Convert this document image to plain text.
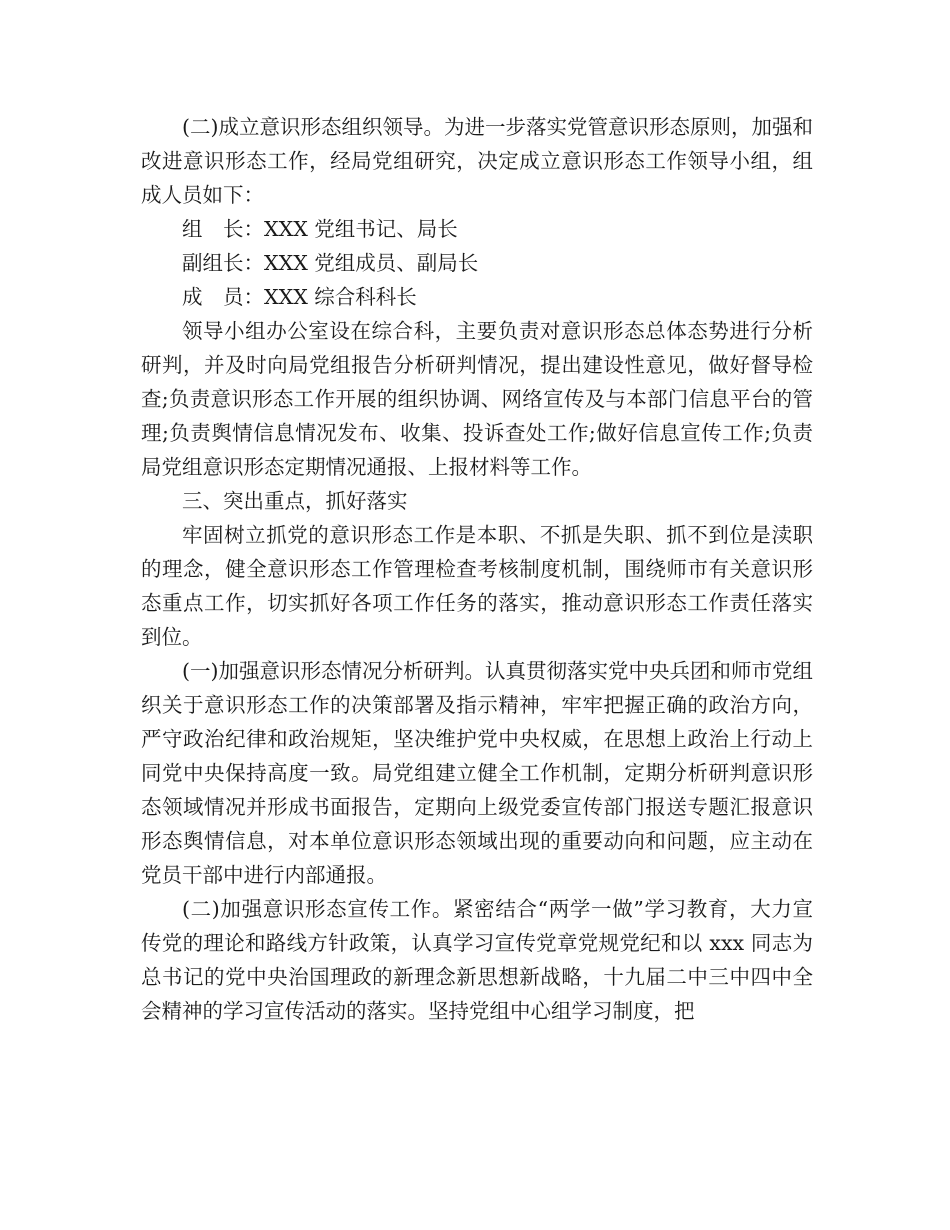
(二)成立意识形态组织领导。为进一步落实党管意识形态原则，加强和改进意识形态工作，经局党组研究，决定成立意识形态工作领导小组，组成人员如下：

组　长：XXX 党组书记、局长

副组长：XXX 党组成员、副局长

成　员：XXX 综合科科长

领导小组办公室设在综合科，主要负责对意识形态总体态势进行分析研判，并及时向局党组报告分析研判情况，提出建设性意见，做好督导检查;负责意识形态工作开展的组织协调、网络宣传及与本部门信息平台的管理;负责舆情信息情况发布、收集、投诉查处工作;做好信息宣传工作;负责局党组意识形态定期情况通报、上报材料等工作。

三、突出重点，抓好落实

牢固树立抓党的意识形态工作是本职、不抓是失职、抓不到位是渎职的理念，健全意识形态工作管理检查考核制度机制，围绕师市有关意识形态重点工作，切实抓好各项工作任务的落实，推动意识形态工作责任落实到位。

(一)加强意识形态情况分析研判。认真贯彻落实党中央兵团和师市党组织关于意识形态工作的决策部署及指示精神，牢牢把握正确的政治方向，严守政治纪律和政治规矩，坚决维护党中央权威，在思想上政治上行动上同党中央保持高度一致。局党组建立健全工作机制，定期分析研判意识形态领域情况并形成书面报告，定期向上级党委宣传部门报送专题汇报意识形态舆情信息，对本单位意识形态领域出现的重要动向和问题，应主动在党员干部中进行内部通报。

(二)加强意识形态宣传工作。紧密结合“两学一做”学习教育，大力宣传党的理论和路线方针政策，认真学习宣传党章党规党纪和以 xxx 同志为总书记的党中央治国理政的新理念新思想新战略，十九届二中三中四中全会精神的学习宣传活动的落实。坚持党组中心组学习制度，把
